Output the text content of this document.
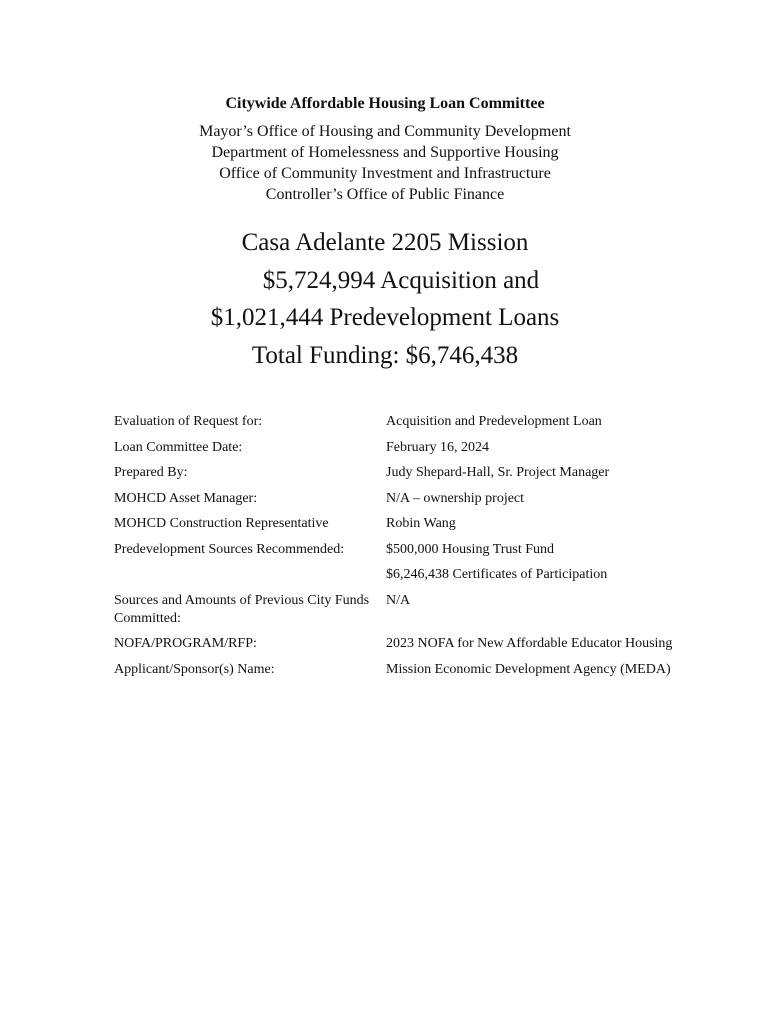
Citywide Affordable Housing Loan Committee
Mayor’s Office of Housing and Community Development
Department of Homelessness and Supportive Housing
Office of Community Investment and Infrastructure
Controller’s Office of Public Finance
Casa Adelante 2205 Mission
$5,724,994 Acquisition and
$1,021,444 Predevelopment Loans
Total Funding: $6,746,438
Evaluation of Request for:	Acquisition and Predevelopment Loan
Loan Committee Date:	February 16, 2024
Prepared By:	Judy Shepard-Hall, Sr. Project Manager
MOHCD Asset Manager:	N/A – ownership project
MOHCD Construction Representative	Robin Wang
Predevelopment Sources Recommended:	$500,000 Housing Trust Fund
$6,246,438 Certificates of Participation
Sources and Amounts of Previous City Funds Committed:
N/A
NOFA/PROGRAM/RFP:	2023 NOFA for New Affordable Educator Housing
Applicant/Sponsor(s) Name:	Mission Economic Development Agency (MEDA)
